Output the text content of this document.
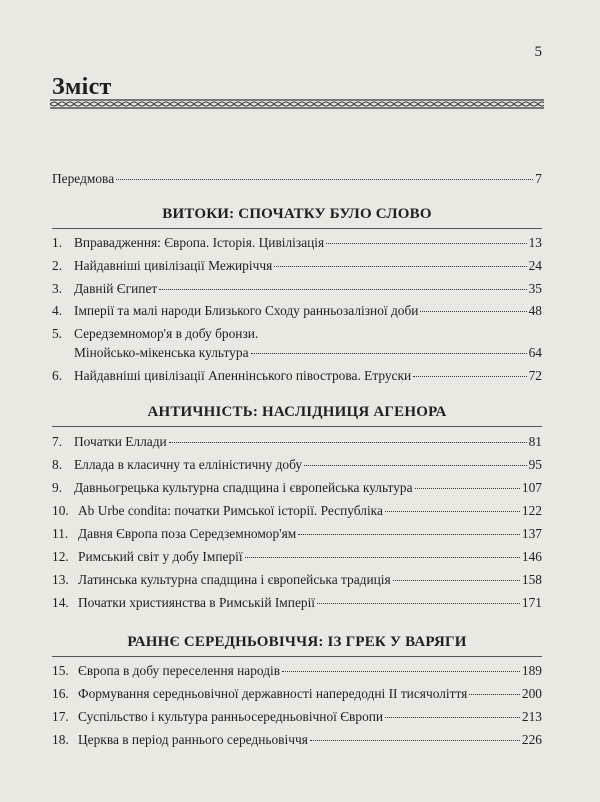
5
Зміст
Передмова	7
ВИТОКИ: СПОЧАТКУ БУЛО СЛОВО
1. Вправадження: Європа. Історія. Цивілізація	13
2. Найдавніші цивілізації Межиріччя	24
3. Давній Єгипет	35
4. Імперії та малі народи Близького Сходу ранньозалізної доби	48
5. Середземномор'я в добу бронзи.
Мінойсько-мікенська культура	64
6. Найдавніші цивілізації Апеннінського півострова. Етруски	72
АНТИЧНІСТЬ: НАСЛІДНИЦЯ АГЕНОРА
7. Початки Еллади	81
8. Еллада в класичну та елліністичну добу	95
9. Давньогрецька культурна спадщина і європейська культура	107
10. Ab Urbe condita: початки Римської історії. Республіка	122
11. Давня Європа поза Середземномор'ям	137
12. Римський світ у добу Імперії	146
13. Латинська культурна спадщина і європейська традиція	158
14. Початки християнства в Римській Імперії	171
РАННЄ СЕРЕДНЬОВІЧЧЯ: ІЗ ГРЕК У ВАРЯГИ
15. Європа в добу переселення народів	189
16. Формування середньовічної державності напередодні ІІ тисячоліття	200
17. Суспільство і культура ранньосередньовічної Європи	213
18. Церква в період раннього середньовіччя	226
